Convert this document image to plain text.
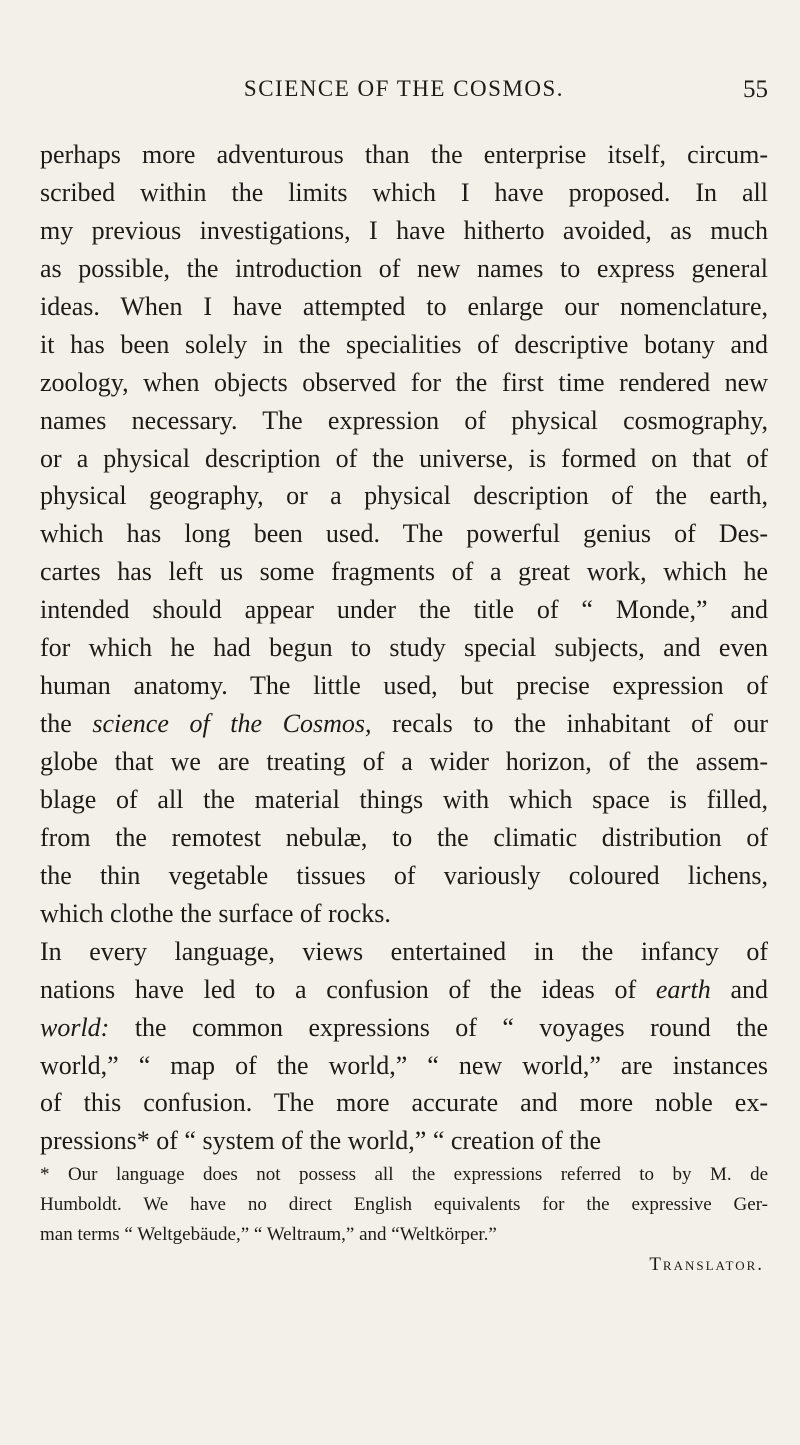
SCIENCE OF THE COSMOS.	55
perhaps more adventurous than the enterprise itself, circum-
scribed within the limits which I have proposed. In all
my previous investigations, I have hitherto avoided, as much
as possible, the introduction of new names to express general
ideas. When I have attempted to enlarge our nomenclature,
it has been solely in the specialities of descriptive botany and
zoology, when objects observed for the first time rendered new
names necessary. The expression of physical cosmography,
or a physical description of the universe, is formed on that of
physical geography, or a physical description of the earth,
which has long been used. The powerful genius of Des-
cartes has left us some fragments of a great work, which he
intended should appear under the title of “ Monde,” and
for which he had begun to study special subjects, and even
human anatomy. The little used, but precise expression of
the science of the Cosmos, recals to the inhabitant of our
globe that we are treating of a wider horizon, of the assem-
blage of all the material things with which space is filled,
from the remotest nebulæ, to the climatic distribution of
the thin vegetable tissues of variously coloured lichens,
which clothe the surface of rocks.
In every language, views entertained in the infancy of
nations have led to a confusion of the ideas of earth and
world: the common expressions of “ voyages round the
world,” “ map of the world,” “ new world,” are instances
of this confusion. The more accurate and more noble ex-
pressions* of “ system of the world,” “ creation of the
* Our language does not possess all the expressions referred to by M. de
Humboldt. We have no direct English equivalents for the expressive Ger-
man terms “ Weltgebäude,” “ Weltraum,” and “Weltkörper.”
Translator.
